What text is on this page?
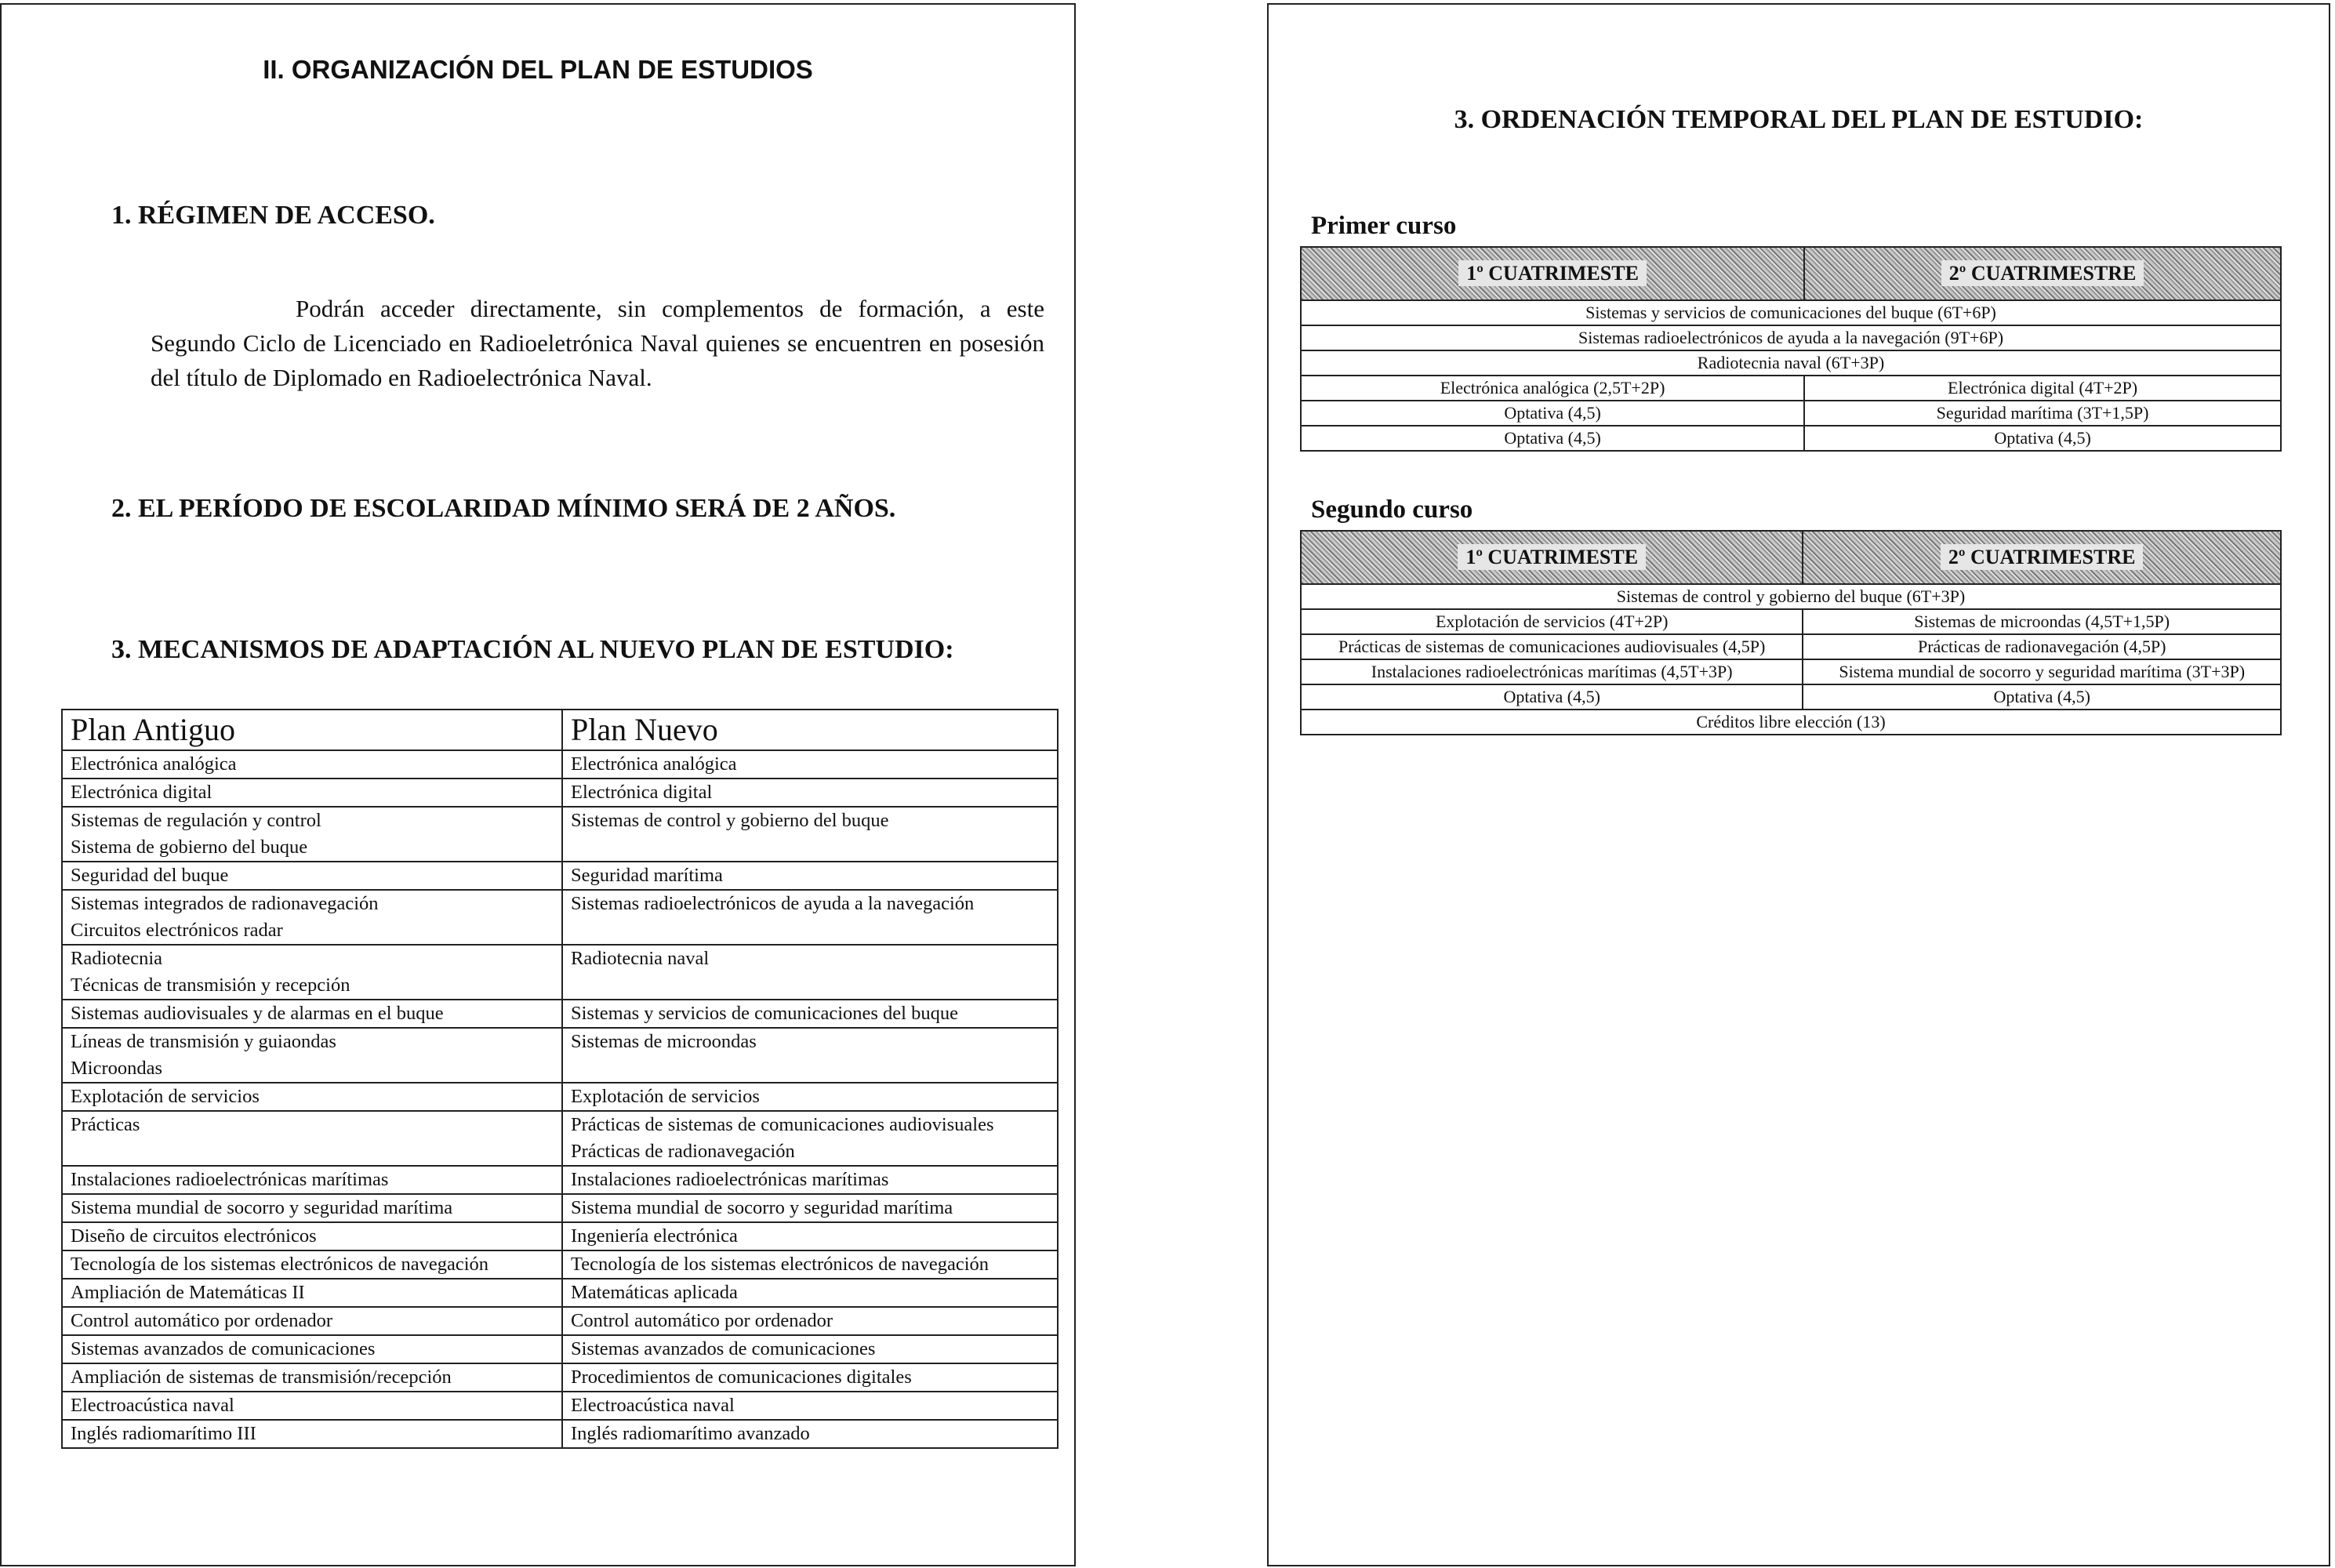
II. ORGANIZACIÓN DEL PLAN DE ESTUDIOS
1. RÉGIMEN DE ACCESO.
Podrán acceder directamente, sin complementos de formación, a este Segundo Ciclo de Licenciado en Radioeletrónica Naval quienes se encuentren en posesión del título de Diplomado en Radioelectrónica Naval.
2. EL PERÍODO DE ESCOLARIDAD MÍNIMO SERÁ DE 2 AÑOS.
3. MECANISMOS DE ADAPTACIÓN AL NUEVO PLAN DE ESTUDIO:
Plan Antiguo	Plan Nuevo
Electrónica analógica	Electrónica analógica
Electrónica digital	Electrónica digital
Sistemas de regulación y control
Sistema de gobierno del buque	Sistemas de control y gobierno del buque
Seguridad del buque	Seguridad marítima
Sistemas integrados de radionavegación
Circuitos electrónicos radar	Sistemas radioelectrónicos de ayuda a la navegación
Radiotecnia
Técnicas de transmisión y recepción	Radiotecnia naval
Sistemas audiovisuales y de alarmas en el buque	Sistemas y servicios de comunicaciones del buque
Líneas de transmisión y guiaondas
Microondas	Sistemas de microondas
Explotación de servicios	Explotación de servicios
Prácticas	Prácticas de sistemas de comunicaciones audiovisuales
Prácticas de radionavegación
Instalaciones radioelectrónicas marítimas	Instalaciones radioelectrónicas marítimas
Sistema mundial de socorro y seguridad marítima	Sistema mundial de socorro y seguridad marítima
Diseño de circuitos electrónicos	Ingeniería electrónica
Tecnología de los sistemas electrónicos de navegación	Tecnología de los sistemas electrónicos de navegación
Ampliación de Matemáticas II	Matemáticas aplicada
Control automático por ordenador	Control automático por ordenador
Sistemas avanzados de comunicaciones	Sistemas avanzados de comunicaciones
Ampliación de sistemas de transmisión/recepción	Procedimientos de comunicaciones digitales
Electroacústica naval	Electroacústica naval
Inglés radiomarítimo III	Inglés radiomarítimo avanzado
3. ORDENACIÓN TEMPORAL DEL PLAN DE ESTUDIO:
Primer curso
1º CUATRIMESTE	2º CUATRIMESTRE
Sistemas y servicios de comunicaciones del buque (6T+6P)	
Sistemas radioelectrónicos de ayuda a la navegación (9T+6P)	
Radiotecnia naval (6T+3P)	
Electrónica analógica (2,5T+2P)	Electrónica digital (4T+2P)
Optativa (4,5)	Seguridad marítima (3T+1,5P)
Optativa (4,5)	Optativa (4,5)
Segundo curso
1º CUATRIMESTE	2º CUATRIMESTRE
Sistemas de control y gobierno del buque (6T+3P)	
Explotación de servicios (4T+2P)	Sistemas de microondas (4,5T+1,5P)
Prácticas de sistemas de comunicaciones audiovisuales (4,5P)	Prácticas de radionavegación (4,5P)
Instalaciones radioelectrónicas marítimas (4,5T+3P)	Sistema mundial de socorro y seguridad marítima (3T+3P)
Optativa (4,5)	Optativa (4,5)
Créditos libre elección (13)	
